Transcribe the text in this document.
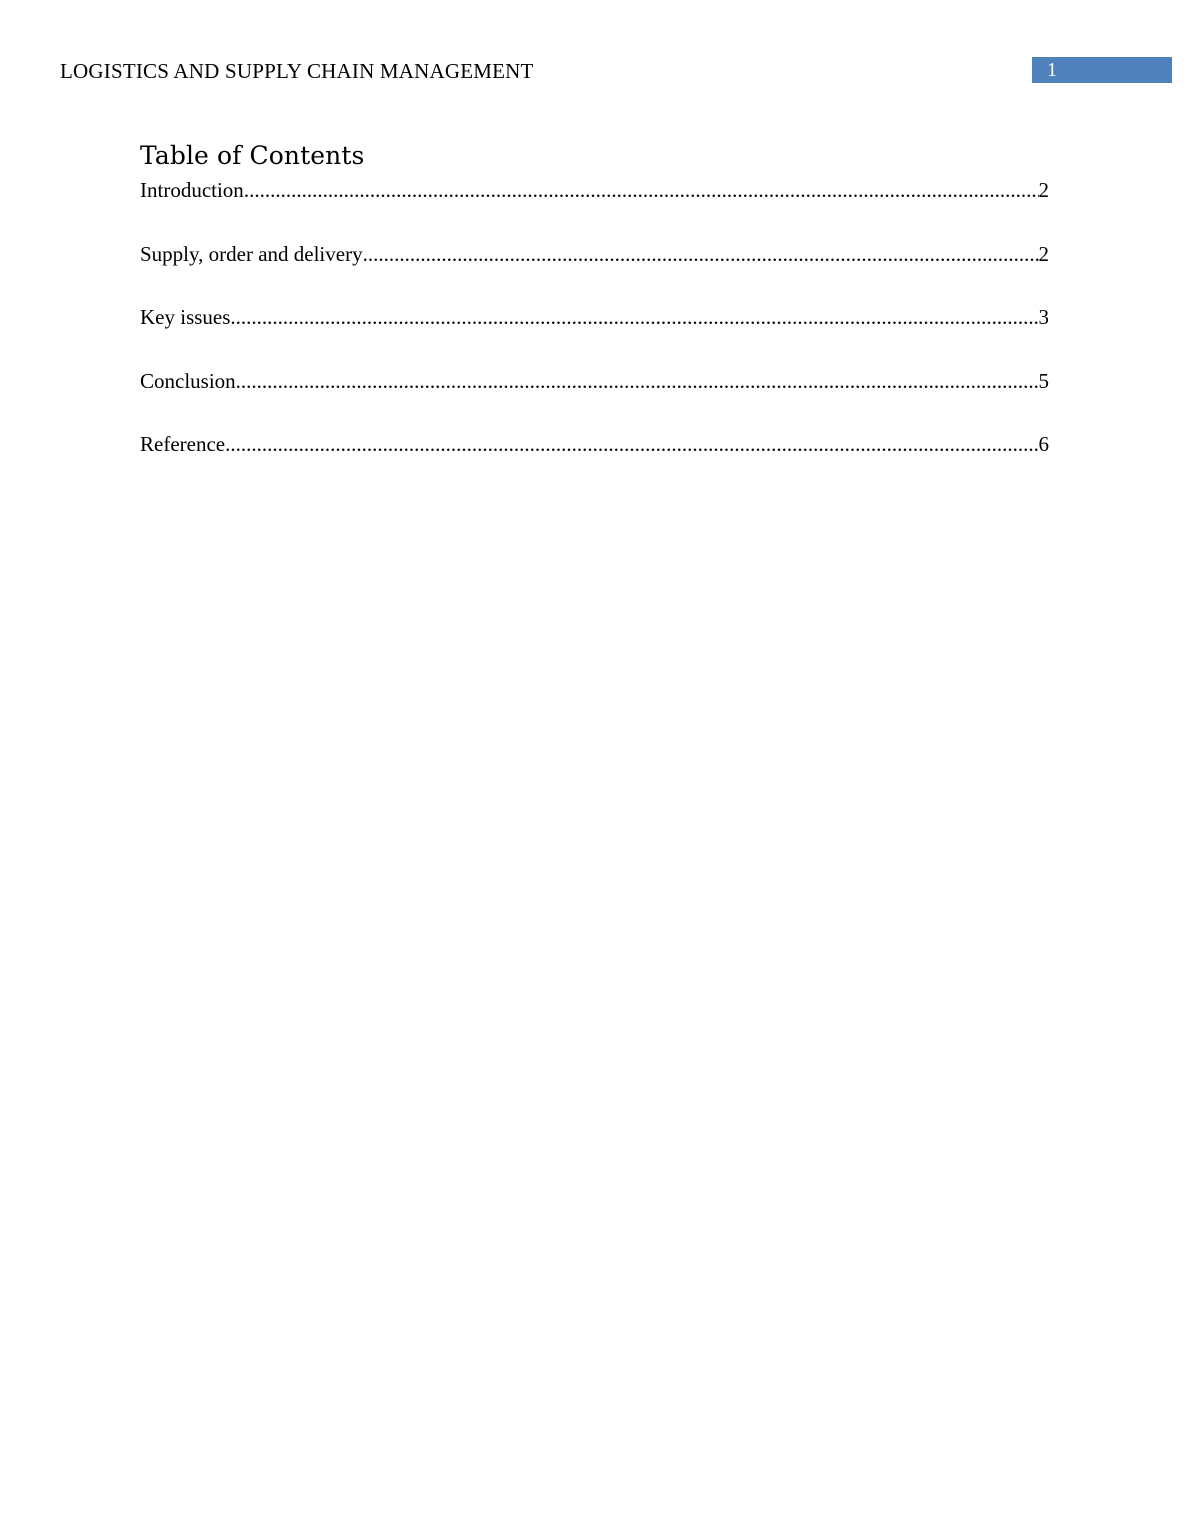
LOGISTICS AND SUPPLY CHAIN MANAGEMENT	1
Table of Contents
Introduction .....	2
Supply, order and delivery .....	2
Key issues .....	3
Conclusion .....	5
Reference .....	6
